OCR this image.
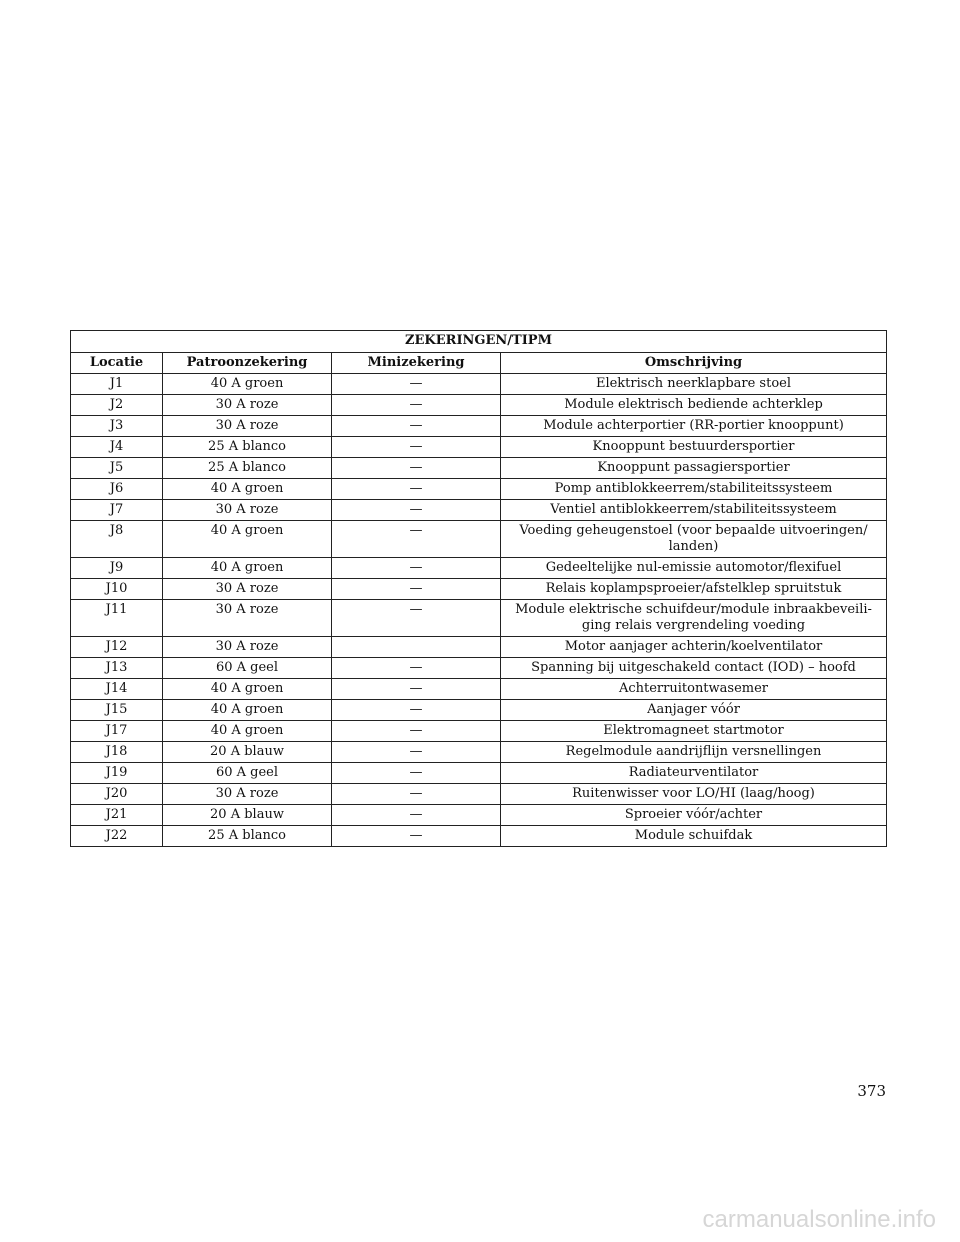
ZEKERINGEN/TIPM			
Locatie	Patroonzekering	Minizekering	Omschrijving
J1	40 A groen	—	Elektrisch neerklapbare stoel
J2	30 A roze	—	Module elektrisch bediende achterklep
J3	30 A roze	—	Module achterportier (RR-portier knooppunt)
J4	25 A blanco	—	Knooppunt bestuurdersportier
J5	25 A blanco	—	Knooppunt passagiersportier
J6	40 A groen	—	Pomp antiblokkeerrem/stabiliteitssysteem
J7	30 A roze	—	Ventiel antiblokkeerrem/stabiliteitssysteem
J8	40 A groen	—	Voeding geheugenstoel (voor bepaalde uitvoeringen/
landen)
J9	40 A groen	—	Gedeeltelijke nul-emissie automotor/flexifuel
J10	30 A roze	—	Relais koplampsproeier/afstelklep spruitstuk
J11	30 A roze	—	Module elektrische schuifdeur/module inbraakbeveili-
ging relais vergrendeling voeding
J12	30 A roze		Motor aanjager achterin/koelventilator
J13	60 A geel	—	Spanning bij uitgeschakeld contact (IOD) – hoofd
J14	40 A groen	—	Achterruitontwasemer
J15	40 A groen	—	Aanjager vóór
J17	40 A groen	—	Elektromagneet startmotor
J18	20 A blauw	—	Regelmodule aandrijflijn versnellingen
J19	60 A geel	—	Radiateurventilator
J20	30 A roze	—	Ruitenwisser voor LO/HI (laag/hoog)
J21	20 A blauw	—	Sproeier vóór/achter
J22	25 A blanco	—	Module schuifdak
373
carmanualsonline.info
